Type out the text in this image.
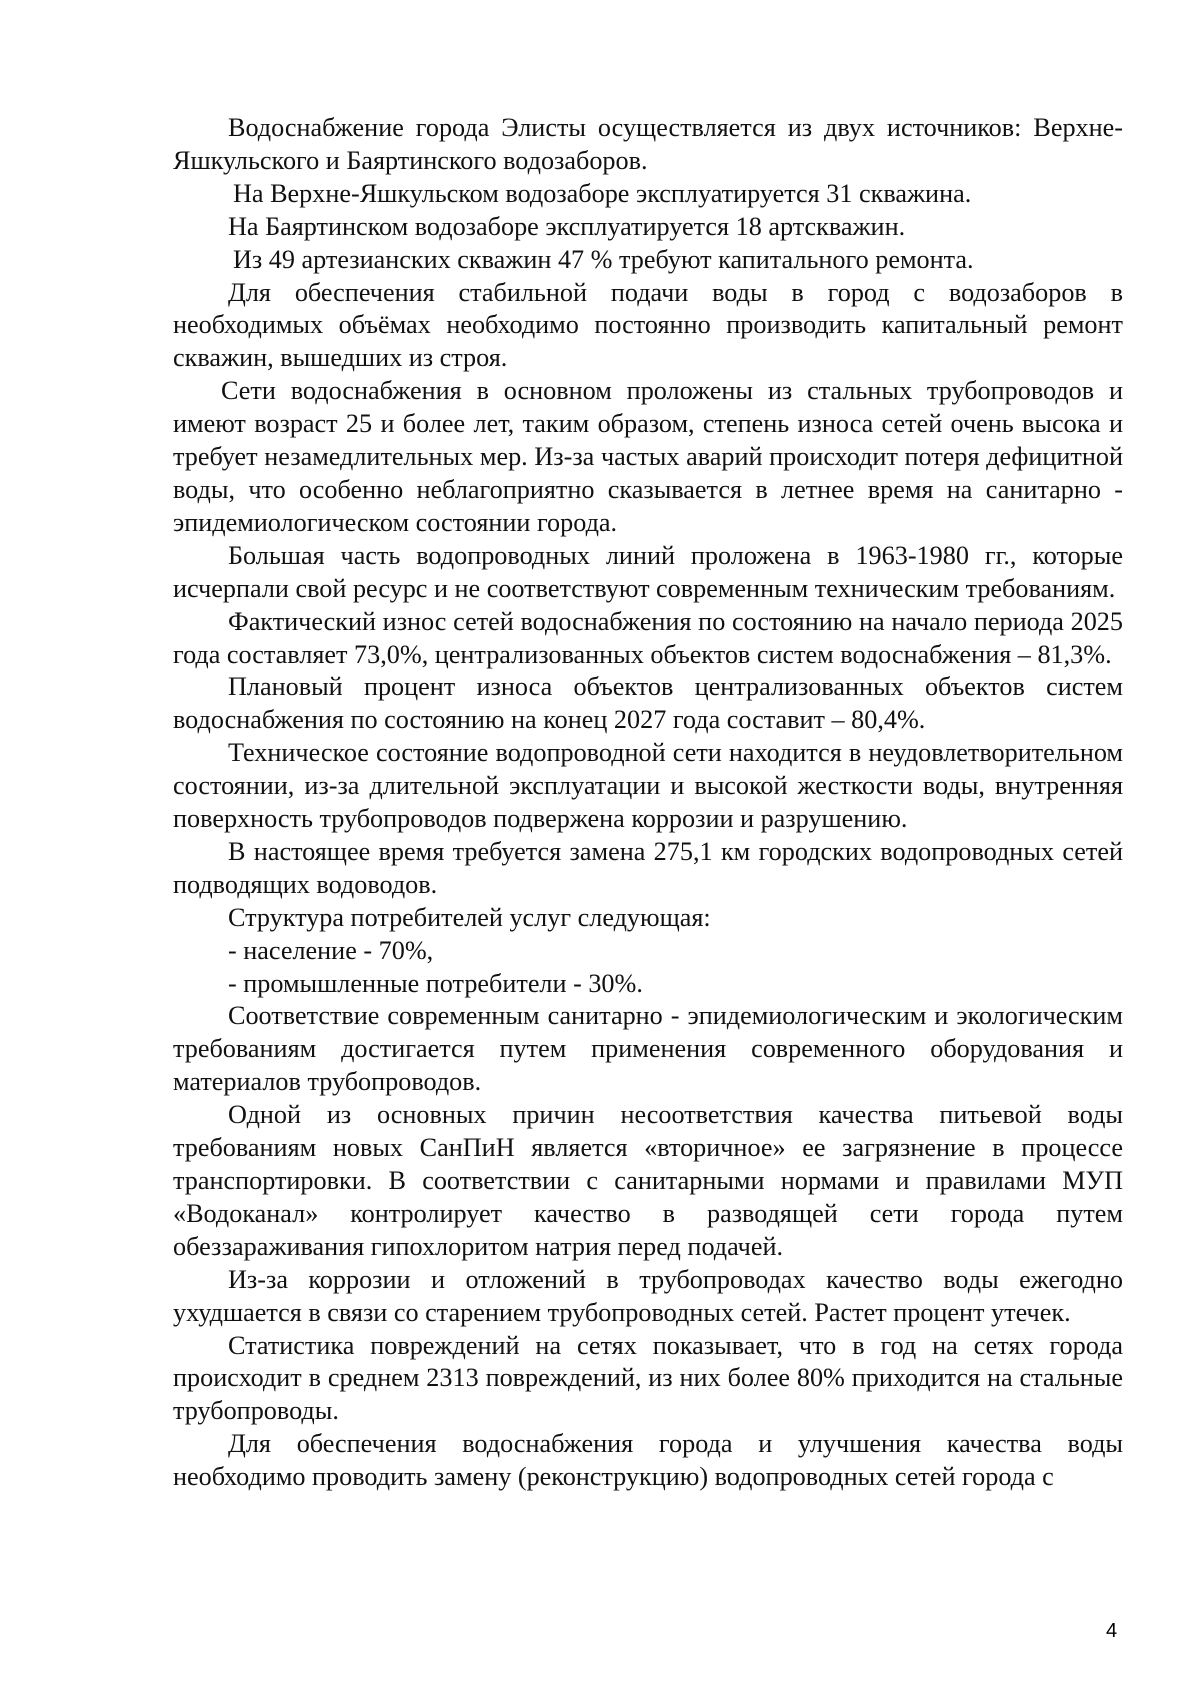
Водоснабжение города Элисты осуществляется из двух источников: Верхне-Яшкульского и Баяртинского водозаборов.

На Верхне-Яшкульском водозаборе эксплуатируется 31 скважина.

На Баяртинском водозаборе эксплуатируется 18 артскважин.

Из 49 артезианских скважин 47 % требуют капитального ремонта.

Для обеспечения стабильной подачи воды в город с водозаборов в необходимых объёмах необходимо постоянно производить капитальный ремонт скважин, вышедших из строя.

Сети водоснабжения в основном проложены из стальных трубопроводов и имеют возраст 25 и более лет, таким образом, степень износа сетей очень высока и требует незамедлительных мер. Из-за частых аварий происходит потеря дефицитной воды, что особенно неблагоприятно сказывается в летнее время на санитарно - эпидемиологическом состоянии города.

Большая часть водопроводных линий проложена в 1963-1980 гг., которые исчерпали свой ресурс и не соответствуют современным техническим требованиям.

Фактический износ сетей водоснабжения по состоянию на начало периода 2025 года составляет 73,0%, централизованных объектов систем водоснабжения – 81,3%.

Плановый процент износа объектов централизованных объектов систем водоснабжения по состоянию на конец 2027 года составит – 80,4%.

Техническое состояние водопроводной сети находится в неудовлетворительном состоянии, из-за длительной эксплуатации и высокой жесткости воды, внутренняя поверхность трубопроводов подвержена коррозии и разрушению.

В настоящее время требуется замена 275,1 км городских водопроводных сетей подводящих водоводов.

Структура потребителей услуг следующая:

- население - 70%,

- промышленные потребители - 30%.

Соответствие современным санитарно - эпидемиологическим и экологическим требованиям достигается путем применения современного оборудования и материалов трубопроводов.

Одной из основных причин несоответствия качества питьевой воды требованиям новых СанПиН является «вторичное» ее загрязнение в процессе транспортировки. В соответствии с санитарными нормами и правилами МУП «Водоканал» контролирует качество в разводящей сети города путем обеззараживания гипохлоритом натрия перед подачей.

Из-за коррозии и отложений в трубопроводах качество воды ежегодно ухудшается в связи со старением трубопроводных сетей. Растет процент утечек.

Статистика повреждений на сетях показывает, что в год на сетях города происходит в среднем 2313 повреждений, из них более 80% приходится на стальные трубопроводы.

Для обеспечения водоснабжения города и улучшения качества воды необходимо проводить замену (реконструкцию) водопроводных сетей города с

4
